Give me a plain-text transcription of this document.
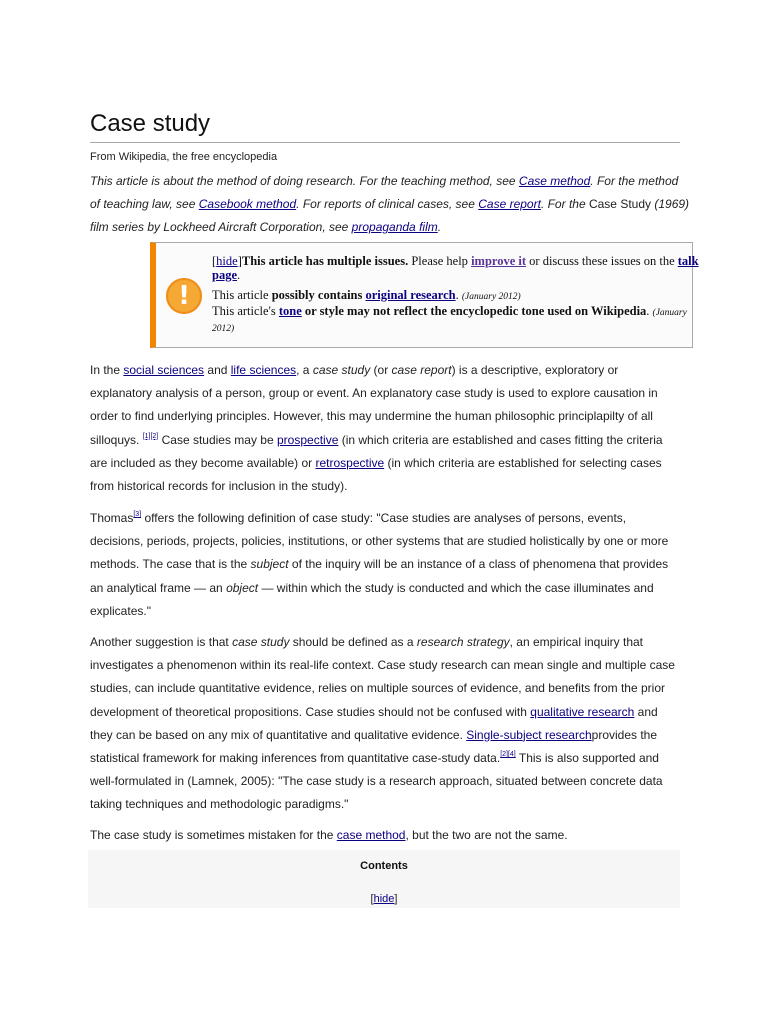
Case study
From Wikipedia, the free encyclopedia
This article is about the method of doing research. For the teaching method, see Case method. For the method of teaching law, see Casebook method. For reports of clinical cases, see Case report. For the Case Study (1969) film series by Lockheed Aircraft Corporation, see propaganda film.
!
[hide]This article has multiple issues. Please help improve it or discuss these issues on the talk page.
This article possibly contains original research. (January 2012)
This article's tone or style may not reflect the encyclopedic tone used on Wikipedia. (January 2012)
In the social sciences and life sciences, a case study (or case report) is a descriptive, exploratory or explanatory analysis of a person, group or event. An explanatory case study is used to explore causation in order to find underlying principles. However, this may undermine the human philosophic principlapilty of all silloquys. [1][2] Case studies may be prospective (in which criteria are established and cases fitting the criteria are included as they become available) or retrospective (in which criteria are established for selecting cases from historical records for inclusion in the study).
Thomas[3] offers the following definition of case study: "Case studies are analyses of persons, events, decisions, periods, projects, policies, institutions, or other systems that are studied holistically by one or more methods. The case that is the subject of the inquiry will be an instance of a class of phenomena that provides an analytical frame — an object — within which the study is conducted and which the case illuminates and explicates."
Another suggestion is that case study should be defined as a research strategy, an empirical inquiry that investigates a phenomenon within its real-life context. Case study research can mean single and multiple case studies, can include quantitative evidence, relies on multiple sources of evidence, and benefits from the prior development of theoretical propositions. Case studies should not be confused with qualitative research and they can be based on any mix of quantitative and qualitative evidence. Single-subject researchprovides the statistical framework for making inferences from quantitative case-study data.[2][4] This is also supported and well-formulated in (Lamnek, 2005): "The case study is a research approach, situated between concrete data taking techniques and methodologic paradigms."
The case study is sometimes mistaken for the case method, but the two are not the same.
Contents
[hide]
